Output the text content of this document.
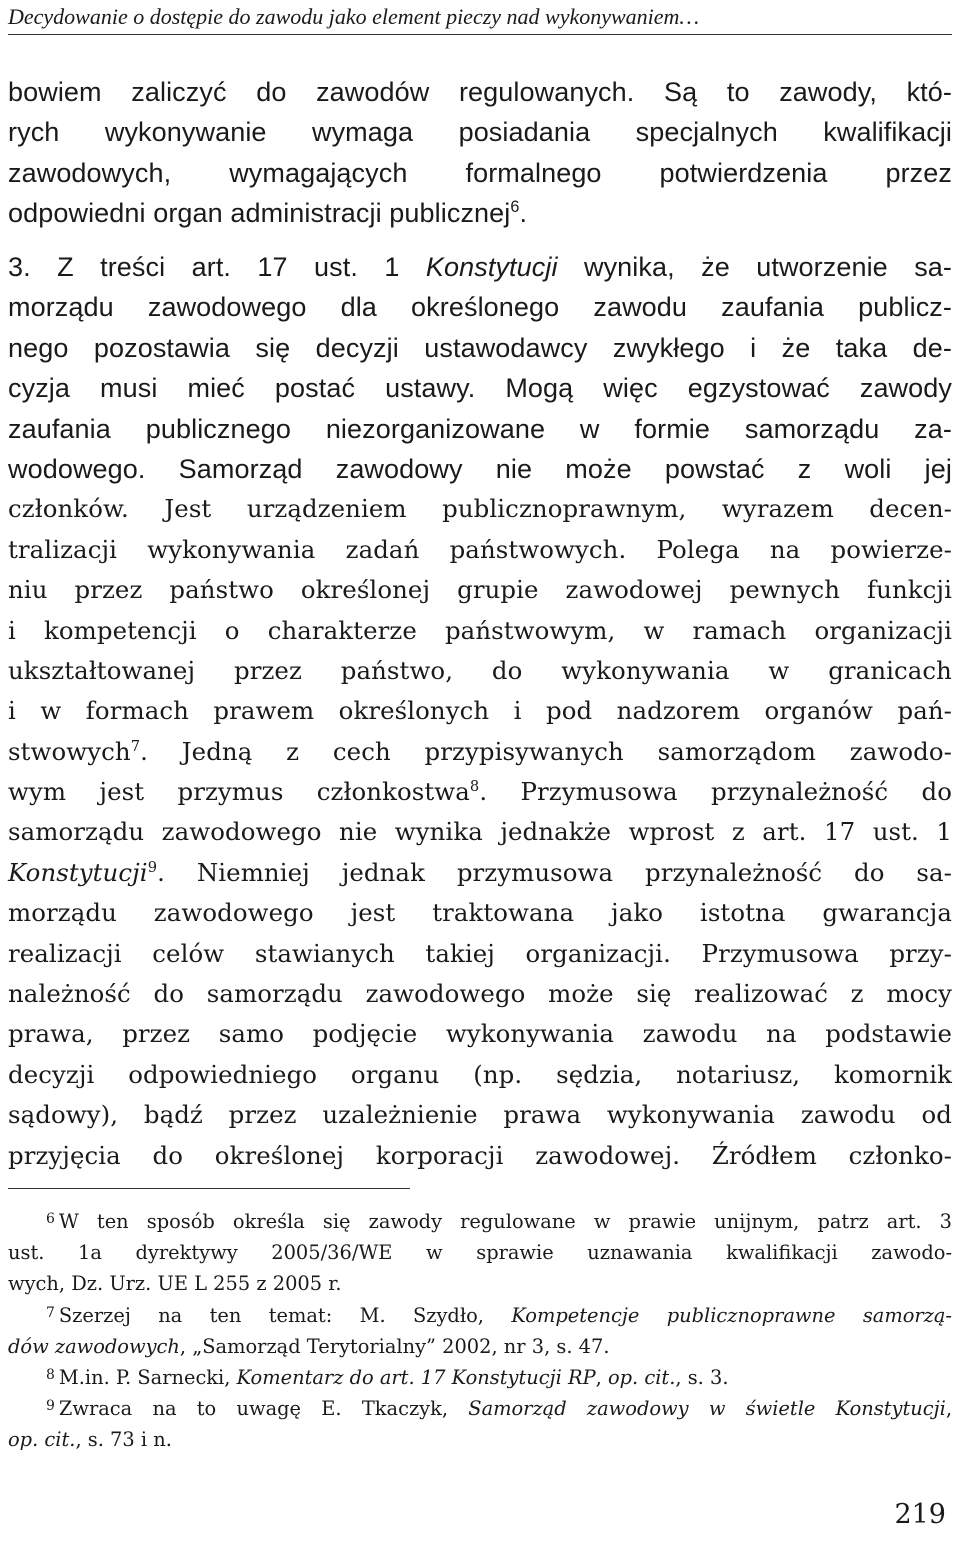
Decydowanie o dostępie do zawodu jako element pieczy nad wykonywaniem…
bowiem zaliczyć do zawodów regulowanych. Są to zawody, któ-
rych wykonywanie wymaga posiadania specjalnych kwalifikacji
zawodowych, wymagających formalnego potwierdzenia przez
odpowiedni organ administracji publicznej$^6$.
3. Z treści art. 17 ust. 1 Konstytucji wynika, że utworzenie sa-
morządu zawodowego dla określonego zawodu zaufania publicz-
nego pozostawia się decyzji ustawodawcy zwykłego i że taka de-
cyzja musi mieć postać ustawy. Mogą więc egzystować zawody
zaufania publicznego niezorganizowane w formie samorządu za-
wodowego. Samorząd zawodowy nie może powstać z woli jej
członków. Jest urządzeniem publicznoprawnym, wyrazem decen-
tralizacji wykonywania zadań państwowych. Polega na powierze-
niu przez państwo określonej grupie zawodowej pewnych funkcji
i kompetencji o charakterze państwowym, w ramach organizacji
ukształtowanej przez państwo, do wykonywania w granicach
i w formach prawem określonych i pod nadzorem organów pań-
stwowych$^7$. Jedną z cech przypisywanych samorządom zawodo-
wym jest przymus członkostwa$^8$. Przymusowa przynależność do
samorządu zawodowego nie wynika jednakże wprost z art. 17 ust. 1
Konstytucji$^9$. Niemniej jednak przymusowa przynależność do sa-
morządu zawodowego jest traktowana jako istotna gwarancja
realizacji celów stawianych takiej organizacji. Przymusowa przy-
należność do samorządu zawodowego może się realizować z mocy
prawa, przez samo podjęcie wykonywania zawodu na podstawie
decyzji odpowiedniego organu (np. sędzia, notariusz, komornik
sądowy), bądź przez uzależnienie prawa wykonywania zawodu od
przyjęcia do określonej korporacji zawodowej. Źródłem członko-
$^6$ W ten sposób określa się zawody regulowane w prawie unijnym, patrz art. 3
ust. 1a dyrektywy 2005/36/WE w sprawie uznawania kwalifikacji zawodo-
wych, Dz. Urz. UE L 255 z 2005 r.
$^7$ Szerzej na ten temat: M. Szydło, Kompetencje publicznoprawne samorzą-
dów zawodowych, „Samorząd Terytorialny” 2002, nr 3, s. 47.
$^8$ M.in. P. Sarnecki, Komentarz do art. 17 Konstytucji RP, op. cit., s. 3.
$^9$ Zwraca na to uwagę E. Tkaczyk, Samorząd zawodowy w świetle Konstytucji,
op. cit., s. 73 i n.
219
